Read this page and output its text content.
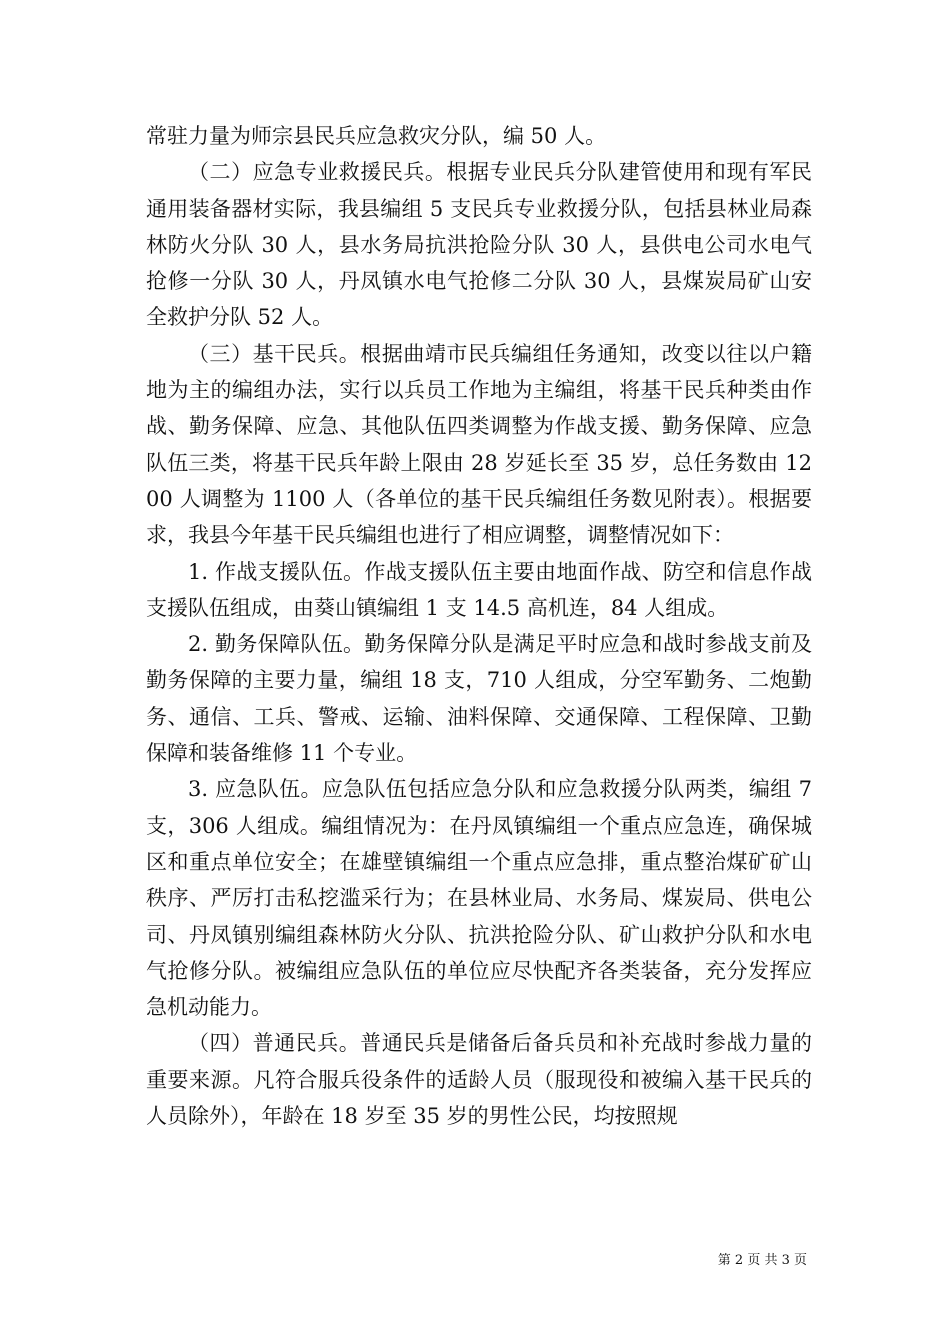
常驻力量为师宗县民兵应急救灾分队，编 50 人。

（二）应急专业救援民兵。根据专业民兵分队建管使用和现有军民通用装备器材实际，我县编组 5 支民兵专业救援分队，包括县林业局森林防火分队 30 人，县水务局抗洪抢险分队 30 人，县供电公司水电气抢修一分队 30 人，丹凤镇水电气抢修二分队 30 人，县煤炭局矿山安全救护分队 52 人。

（三）基干民兵。根据曲靖市民兵编组任务通知，改变以往以户籍地为主的编组办法，实行以兵员工作地为主编组，将基干民兵种类由作战、勤务保障、应急、其他队伍四类调整为作战支援、勤务保障、应急队伍三类，将基干民兵年龄上限由 28 岁延长至 35 岁，总任务数由 1200 人调整为 1100 人（各单位的基干民兵编组任务数见附表）。根据要求，我县今年基干民兵编组也进行了相应调整，调整情况如下：

1. 作战支援队伍。作战支援队伍主要由地面作战、防空和信息作战支援队伍组成，由葵山镇编组 1 支 14.5 高机连，84 人组成。

2. 勤务保障队伍。勤务保障分队是满足平时应急和战时参战支前及勤务保障的主要力量，编组 18 支，710 人组成，分空军勤务、二炮勤务、通信、工兵、警戒、运输、油料保障、交通保障、工程保障、卫勤保障和装备维修 11 个专业。

3. 应急队伍。应急队伍包括应急分队和应急救援分队两类，编组 7 支，306 人组成。编组情况为：在丹凤镇编组一个重点应急连，确保城区和重点单位安全；在雄壁镇编组一个重点应急排，重点整治煤矿矿山秩序、严厉打击私挖滥采行为；在县林业局、水务局、煤炭局、供电公司、丹凤镇别编组森林防火分队、抗洪抢险分队、矿山救护分队和水电气抢修分队。被编组应急队伍的单位应尽快配齐各类装备，充分发挥应急机动能力。

（四）普通民兵。普通民兵是储备后备兵员和补充战时参战力量的重要来源。凡符合服兵役条件的适龄人员（服现役和被编入基干民兵的人员除外），年龄在 18 岁至 35 岁的男性公民，均按照规

第 2 页 共 3 页
